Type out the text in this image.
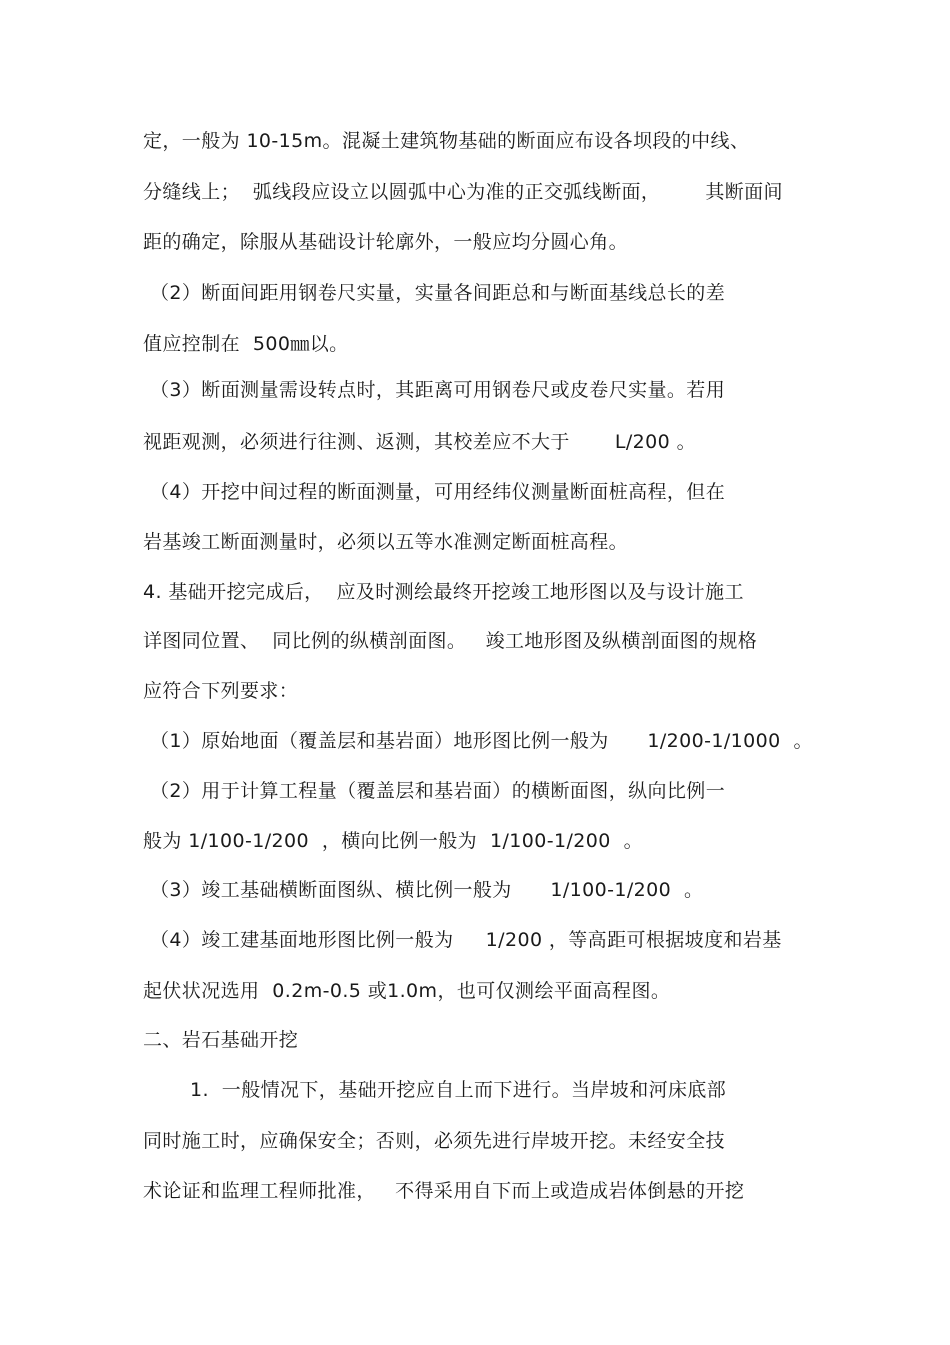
定，一般为 10-15m。混凝土建筑物基础的断面应布设各坝段的中线、
分缝线上；  弧线段应设立以圆弧中心为准的正交弧线断面，       其断面间
距的确定，除服从基础设计轮廓外，一般应均分圆心角。
（2）断面间距用钢卷尺实量，实量各间距总和与断面基线总长的差
值应控制在  500㎜以。
（3）断面测量需设转点时，其距离可用钢卷尺或皮卷尺实量。若用
视距观测，必须进行往测、返测，其校差应不大于       L/200 。
（4）开挖中间过程的断面测量，可用经纬仪测量断面桩高程，但在
岩基竣工断面测量时，必须以五等水准测定断面桩高程。
4. 基础开挖完成后，  应及时测绘最终开挖竣工地形图以及与设计施工
详图同位置、  同比例的纵横剖面图。   竣工地形图及纵横剖面图的规格
应符合下列要求：
（1）原始地面（覆盖层和基岩面）地形图比例一般为      1/200-1/1000  。
（2）用于计算工程量（覆盖层和基岩面）的横断面图，纵向比例一
般为 1/100-1/200  ，横向比例一般为  1/100-1/200  。
（3）竣工基础横断面图纵、横比例一般为      1/100-1/200  。
（4）竣工建基面地形图比例一般为     1/200 ，等高距可根据坡度和岩基
起伏状况选用  0.2m-0.5 或1.0m，也可仅测绘平面高程图。
二、岩石基础开挖
1.  一般情况下，基础开挖应自上而下进行。当岸坡和河床底部
同时施工时，应确保安全；否则，必须先进行岸坡开挖。未经安全技
术论证和监理工程师批准，   不得采用自下而上或造成岩体倒悬的开挖
